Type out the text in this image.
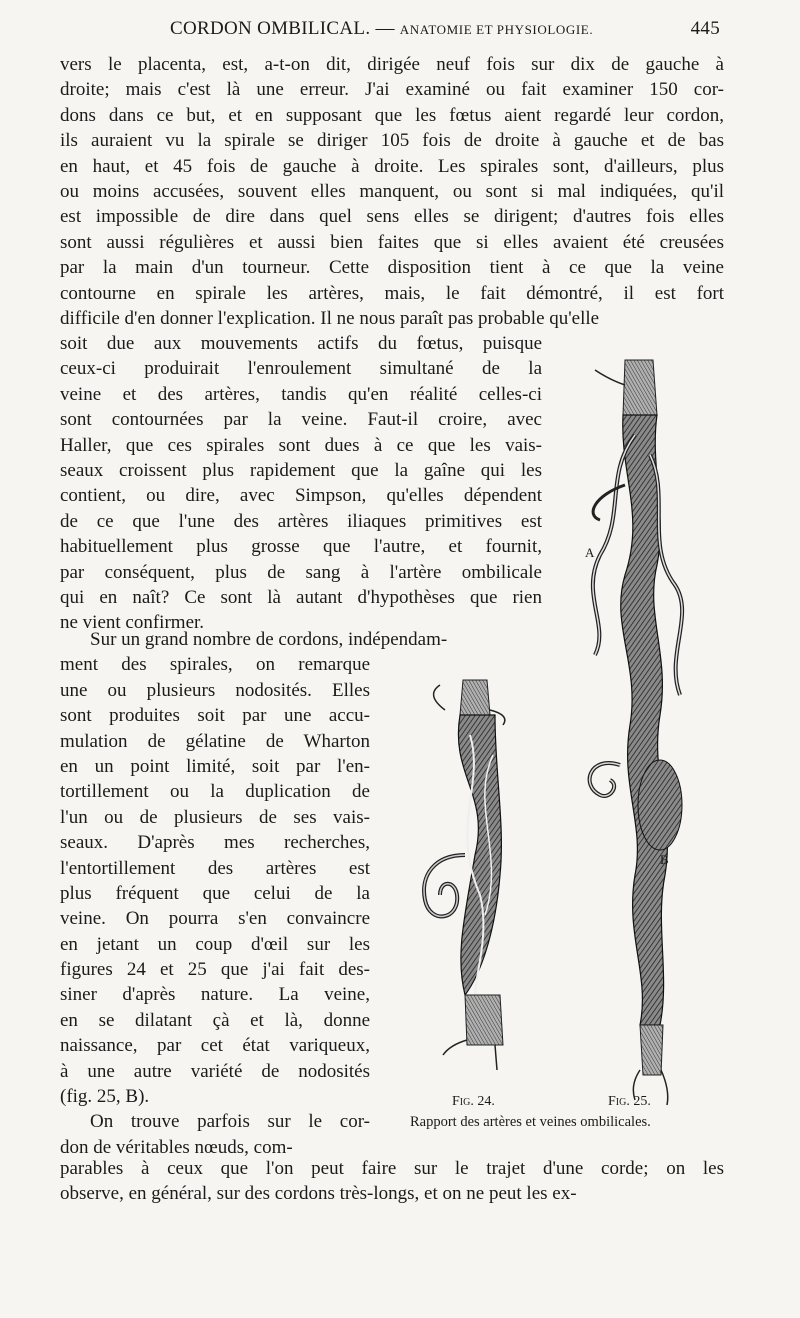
CORDON OMBILICAL. — ANATOMIE ET PHYSIOLOGIE.	445
vers le placenta, est, a-t-on dit, dirigée neuf fois sur dix de gauche à
droite; mais c'est là une erreur. J'ai examiné ou fait examiner 150 cor-
dons dans ce but, et en supposant que les fœtus aient regardé leur cordon,
ils auraient vu la spirale se diriger 105 fois de droite à gauche et de bas
en haut, et 45 fois de gauche à droite. Les spirales sont, d'ailleurs, plus
ou moins accusées, souvent elles manquent, ou sont si mal indiquées, qu'il
est impossible de dire dans quel sens elles se dirigent; d'autres fois elles
sont aussi régulières et aussi bien faites que si elles avaient été creusées
par la main d'un tourneur. Cette disposition tient à ce que la veine
contourne en spirale les artères, mais, le fait démontré, il est fort
difficile d'en donner l'explication. Il ne nous paraît pas probable qu'elle
soit due aux mouvements actifs du fœtus, puisque
ceux-ci produirait l'enroulement simultané de la
veine et des artères, tandis qu'en réalité celles-ci
sont contournées par la veine. Faut-il croire, avec
Haller, que ces spirales sont dues à ce que les vais-
seaux croissent plus rapidement que la gaîne qui les
contient, ou dire, avec Simpson, qu'elles dépendent
de ce que l'une des artères iliaques primitives est
habituellement plus grosse que l'autre, et fournit,
par conséquent, plus de sang à l'artère ombilicale
qui en naît? Ce sont là autant d'hypothèses que rien
ne vient confirmer.
Sur un grand nombre de cordons, indépendam-
ment des spirales, on remarque
une ou plusieurs nodosités. Elles
sont produites soit par une accu-
mulation de gélatine de Wharton
en un point limité, soit par l'en-
tortillement ou la duplication de
l'un ou de plusieurs de ses vais-
seaux. D'après mes recherches,
l'entortillement des artères est
plus fréquent que celui de la
veine. On pourra s'en convaincre
en jetant un coup d'œil sur les
figures 24 et 25 que j'ai fait des-
siner d'après nature. La veine,
en se dilatant çà et là, donne
naissance, par cet état variqueux,
à une autre variété de nodosités
(fig. 25, B).
On trouve parfois sur le cor-
don de véritables nœuds, com-
parables à ceux que l'on peut faire sur le trajet d'une corde; on les
observe, en général, sur des cordons très-longs, et on ne peut les ex-
A
B
Fig. 24.	Fig. 25.
Rapport des artères et veines ombilicales.
